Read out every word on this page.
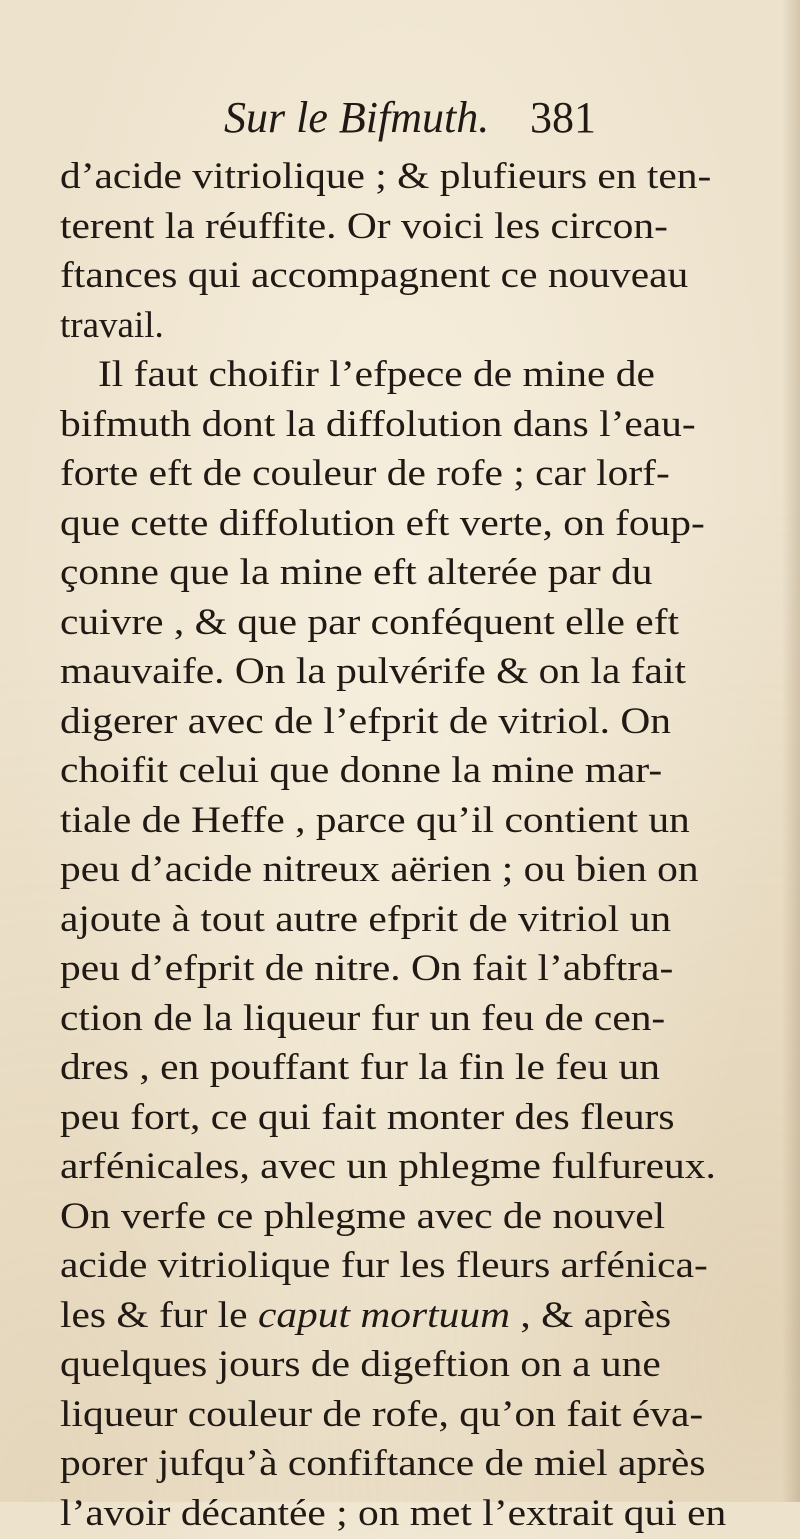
Sur le Bifmuth. 381
d’acide vitriolique ; & plufieurs en ten-
terent la réuffite. Or voici les circon-
ftances qui accompagnent ce nouveau
travail.
Il faut choifir l’efpece de mine de
bifmuth dont la diffolution dans l’eau-
forte eft de couleur de rofe ; car lorf-
que cette diffolution eft verte, on foup-
çonne que la mine eft alterée par du
cuivre , & que par conféquent elle eft
mauvaife. On la pulvérife & on la fait
digerer avec de l’efprit de vitriol. On
choifit celui que donne la mine mar-
tiale de Heffe , parce qu’il contient un
peu d’acide nitreux aërien ; ou bien on
ajoute à tout autre efprit de vitriol un
peu d’efprit de nitre. On fait l’abftra-
ction de la liqueur fur un feu de cen-
dres , en pouffant fur la fin le feu un
peu fort, ce qui fait monter des fleurs
arfénicales, avec un phlegme fulfureux.
On verfe ce phlegme avec de nouvel
acide vitriolique fur les fleurs arfénica-
les & fur le caput mortuum , & après
quelques jours de digeftion on a une
liqueur couleur de rofe, qu’on fait éva-
porer jufqu’à confiftance de miel après
l’avoir décantée ; on met l’extrait qui en
